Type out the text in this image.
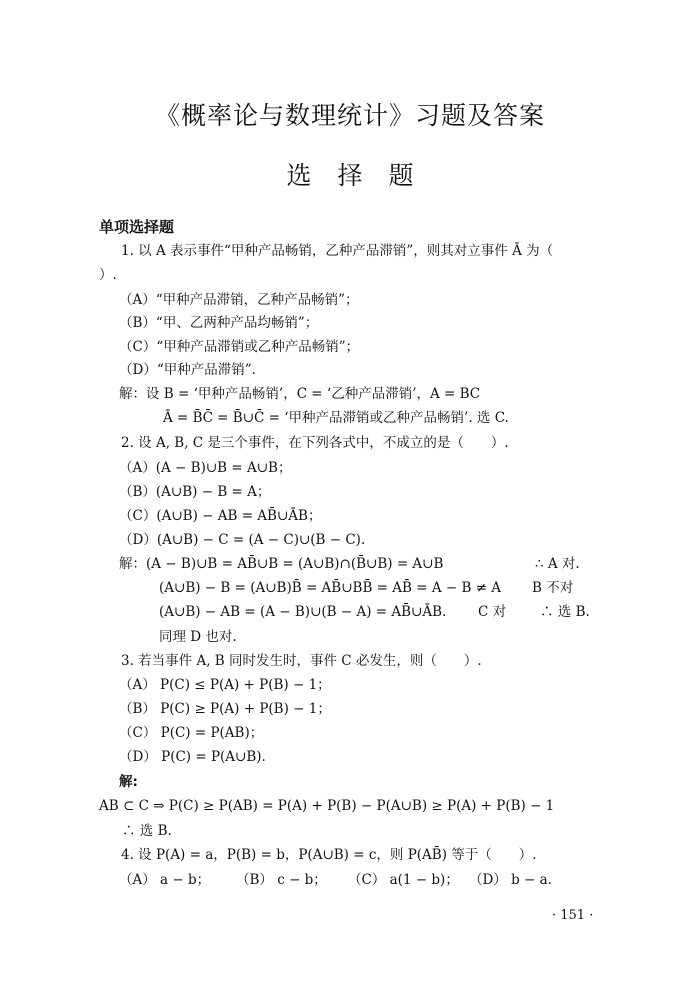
《概率论与数理统计》习题及答案
选择题
单项选择题
1. 以 A 表示事件“甲种产品畅销，乙种产品滞销”，则其对立事件 Ā 为（
）.
（A）“甲种产品滞销，乙种产品畅销”；
（B）“甲、乙两种产品均畅销”；
（C）“甲种产品滞销或乙种产品畅销”；
（D）“甲种产品滞销”.
解：设 B = ‘甲种产品畅销’，C = ‘乙种产品滞销’，A = BC
Ā = B̄C̄ = B̄∪C̄ = ‘甲种产品滞销或乙种产品畅销’. 选 C.
2. 设 A, B, C 是三个事件，在下列各式中，不成立的是（　　）.
（A）(A − B)∪B = A∪B；
（B）(A∪B) − B = A；
（C）(A∪B) − AB = AB̄∪ĀB；
（D）(A∪B) − C = (A − C)∪(B − C).
解：(A − B)∪B = AB̄∪B = (A∪B)∩(B̄∪B) = A∪B	∴ A 对.
(A∪B) − B = (A∪B)B̄ = AB̄∪BB̄ = AB̄ = A − B ≠ A B 不对
(A∪B) − AB = (A − B)∪(B − A) = AB̄∪ĀB. C 对	∴ 选 B.
同理 D 也对.
3. 若当事件 A, B 同时发生时，事件 C 必发生，则（　　）.
（A） P(C) ≤ P(A) + P(B) − 1；
（B） P(C) ≥ P(A) + P(B) − 1；
（C） P(C) = P(AB)；
（D） P(C) = P(A∪B).
解:
AB ⊂ C ⇒ P(C) ≥ P(AB) = P(A) + P(B) − P(A∪B) ≥ P(A) + P(B) − 1
∴ 选 B.
4. 设 P(A) = a，P(B) = b，P(A∪B) = c，则 P(AB̄) 等于（　　）.
（A） a − b； （B） c − b； （C） a(1 − b)； （D） b − a.
· 151 ·
